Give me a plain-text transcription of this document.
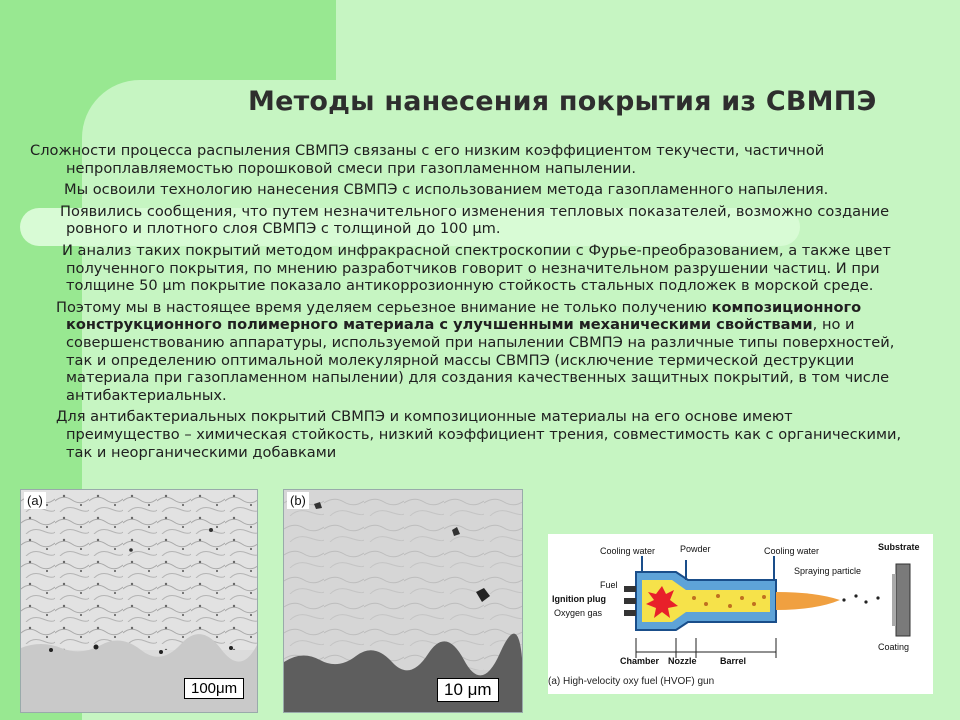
Методы нанесения покрытия из СВМПЭ

Сложности процесса распыления СВМПЭ связаны с его низким коэффициентом текучести, частичной непроплавляемостью порошковой смеси при газопламенном напылении.

Мы освоили технологию нанесения СВМПЭ с использованием метода газопламенного напыления.

Появились сообщения, что путем незначительного изменения тепловых показателей, возможно создание ровного и плотного слоя СВМПЭ с толщиной до 100 μm.

И анализ таких покрытий методом инфракрасной спектроскопии с Фурье-преобразованием, а также цвет полученного покрытия, по мнению разработчиков говорит о незначительном разрушении частиц. И при толщине 50 μm покрытие показало антикоррозионную стойкость стальных подложек в морской среде.

Поэтому мы в настоящее время уделяем серьезное внимание не только получению композиционного конструкционного полимерного материала с улучшенными механическими свойствами, но и совершенствованию аппаратуры, используемой при напылении СВМПЭ на различные типы поверхностей, так и определению оптимальной молекулярной массы СВМПЭ (исключение термической деструкции материала при газопламенном напылении) для создания качественных защитных покрытий, в том числе антибактериальных.

Для антибактериальных покрытий СВМПЭ и композиционные материалы на его основе имеют преимущество – химическая стойкость, низкий коэффициент трения, совместимость как с органическими, так и неорганическими добавками

(a)
100μm
(b)
10 μm
Cooling water	Powder	Cooling water	Substrate
Spraying particle
Fuel
Ignition plug
Oxygen gas
Coating
Chamber Nozzle	Barrel
(a) High-velocity oxy fuel (HVOF) gun
